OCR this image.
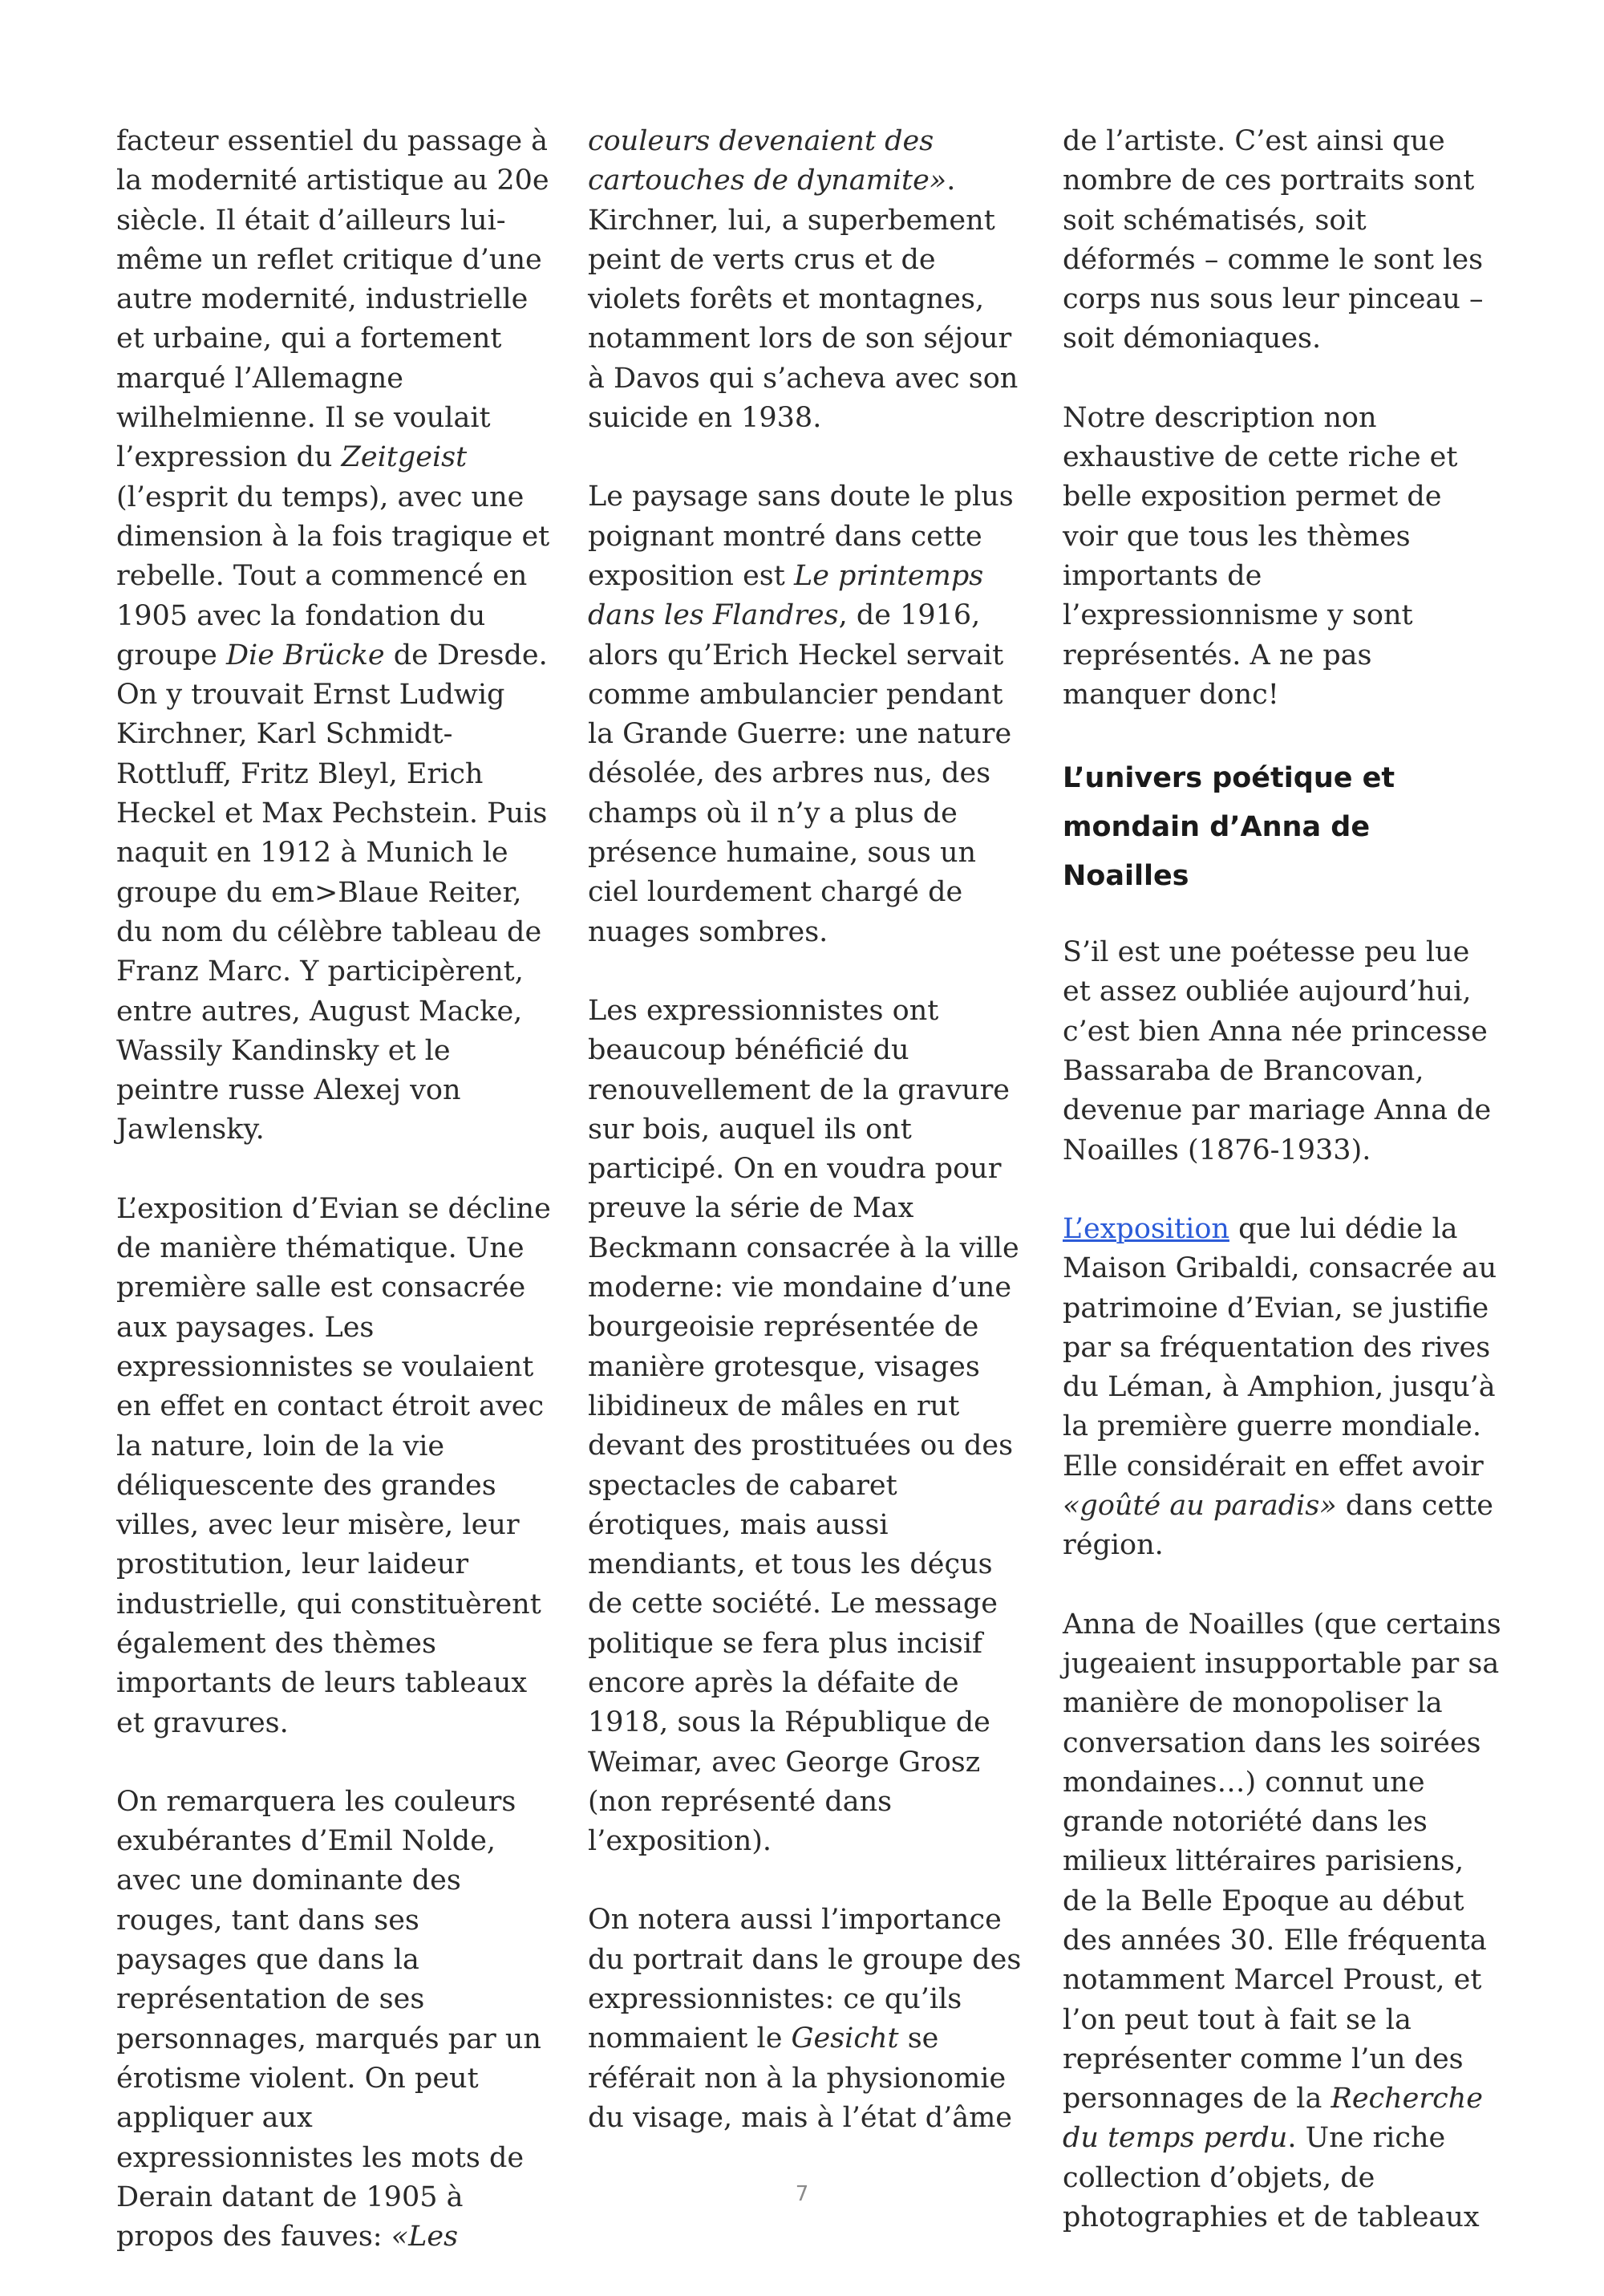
facteur essentiel du passage à la modernité artistique au 20e siècle. Il était d’ailleurs lui-même un reflet critique d’une autre modernité, industrielle et urbaine, qui a fortement marqué l’Allemagne wilhelmienne. Il se voulait l’expression du Zeitgeist (l’esprit du temps), avec une dimension à la fois tragique et rebelle. Tout a commencé en 1905 avec la fondation du groupe Die Brücke de Dresde. On y trouvait Ernst Ludwig Kirchner, Karl Schmidt-Rottluff, Fritz Bleyl, Erich Heckel et Max Pechstein. Puis naquit en 1912 à Munich le groupe du em>Blaue Reiter, du nom du célèbre tableau de Franz Marc. Y participèrent, entre autres, August Macke, Wassily Kandinsky et le peintre russe Alexej von Jawlensky.

L’exposition d’Evian se décline de manière thématique. Une première salle est consacrée aux paysages. Les expressionnistes se voulaient en effet en contact étroit avec la nature, loin de la vie déliquescente des grandes villes, avec leur misère, leur prostitution, leur laideur industrielle, qui constituèrent également des thèmes importants de leurs tableaux et gravures.

On remarquera les couleurs exubérantes d’Emil Nolde, avec une dominante des rouges, tant dans ses paysages que dans la représentation de ses personnages, marqués par un érotisme violent. On peut appliquer aux expressionnistes les mots de Derain datant de 1905 à propos des fauves: «Les

couleurs devenaient des cartouches de dynamite». Kirchner, lui, a superbement peint de verts crus et de violets forêts et montagnes, notamment lors de son séjour à Davos qui s’acheva avec son suicide en 1938.

Le paysage sans doute le plus poignant montré dans cette exposition est Le printemps dans les Flandres, de 1916, alors qu’Erich Heckel servait comme ambulancier pendant la Grande Guerre: une nature désolée, des arbres nus, des champs où il n’y a plus de présence humaine, sous un ciel lourdement chargé de nuages sombres.

Les expressionnistes ont beaucoup bénéficié du renouvellement de la gravure sur bois, auquel ils ont participé. On en voudra pour preuve la série de Max Beckmann consacrée à la ville moderne: vie mondaine d’une bourgeoisie représentée de manière grotesque, visages libidineux de mâles en rut devant des prostituées ou des spectacles de cabaret érotiques, mais aussi mendiants, et tous les déçus de cette société. Le message politique se fera plus incisif encore après la défaite de 1918, sous la République de Weimar, avec George Grosz (non représenté dans l’exposition).

On notera aussi l’importance du portrait dans le groupe des expressionnistes: ce qu’ils nommaient le Gesicht se référait non à la physionomie du visage, mais à l’état d’âme

de l’artiste. C’est ainsi que nombre de ces portraits sont soit schématisés, soit déformés – comme le sont les corps nus sous leur pinceau – soit démoniaques.

Notre description non exhaustive de cette riche et belle exposition permet de voir que tous les thèmes importants de l’expressionnisme y sont représentés. A ne pas manquer donc!

L’univers poétique et mondain d’Anna de Noailles

S’il est une poétesse peu lue et assez oubliée aujourd’hui, c’est bien Anna née princesse Bassaraba de Brancovan, devenue par mariage Anna de Noailles (1876-1933).

L’exposition que lui dédie la Maison Gribaldi, consacrée au patrimoine d’Evian, se justifie par sa fréquentation des rives du Léman, à Amphion, jusqu’à la première guerre mondiale. Elle considérait en effet avoir «goûté au paradis» dans cette région.

Anna de Noailles (que certains jugeaient insupportable par sa manière de monopoliser la conversation dans les soirées mondaines…) connut une grande notoriété dans les milieux littéraires parisiens, de la Belle Epoque au début des années 30. Elle fréquenta notamment Marcel Proust, et l’on peut tout à fait se la représenter comme l’un des personnages de la Recherche du temps perdu. Une riche collection d’objets, de photographies et de tableaux

7
